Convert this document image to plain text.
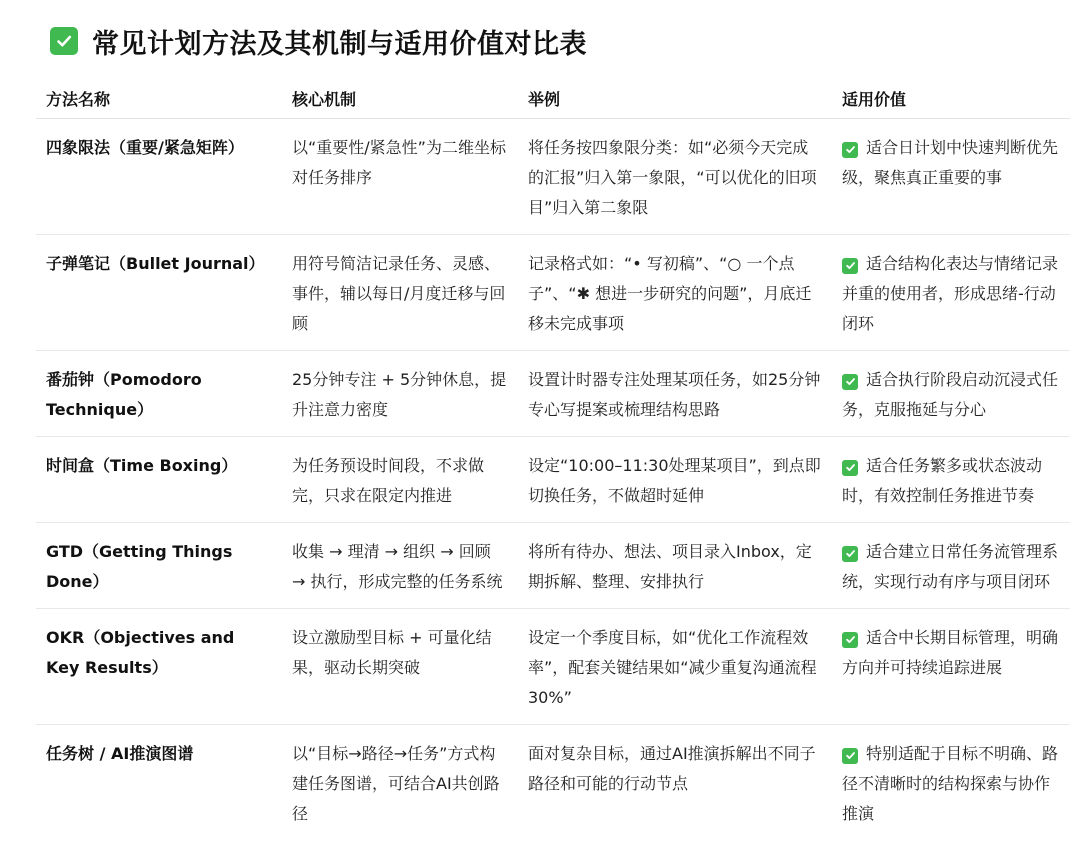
常见计划方法及其机制与适用价值对比表
方法名称	核心机制	举例	适用价值
四象限法（重要/紧急矩阵）	以“重要性/紧急性”为二维坐标对任务排序	将任务按四象限分类：如“必须今天完成的汇报”归入第一象限，“可以优化的旧项目”归入第二象限	适合日计划中快速判断优先级，聚焦真正重要的事
子弹笔记（Bullet Journal）	用符号简洁记录任务、灵感、事件，辅以每日/月度迁移与回顾	记录格式如：“• 写初稿”、“○ 一个点子”、“✱ 想进一步研究的问题”，月底迁移未完成事项	适合结构化表达与情绪记录并重的使用者，形成思绪-行动闭环
番茄钟（Pomodoro Technique）	25分钟专注 + 5分钟休息，提升注意力密度	设置计时器专注处理某项任务，如25分钟专心写提案或梳理结构思路	适合执行阶段启动沉浸式任务，克服拖延与分心
时间盒（Time Boxing）	为任务预设时间段，不求做完，只求在限定内推进	设定“10:00–11:30处理某项目”，到点即切换任务，不做超时延伸	适合任务繁多或状态波动时，有效控制任务推进节奏
GTD（Getting Things Done）	收集 → 理清 → 组织 → 回顾 → 执行，形成完整的任务系统	将所有待办、想法、项目录入Inbox，定期拆解、整理、安排执行	适合建立日常任务流管理系统，实现行动有序与项目闭环
OKR（Objectives and Key Results）	设立激励型目标 + 可量化结果，驱动长期突破	设定一个季度目标，如“优化工作流程效率”，配套关键结果如“减少重复沟通流程30%”	适合中长期目标管理，明确方向并可持续追踪进展
任务树 / AI推演图谱	以“目标→路径→任务”方式构建任务图谱，可结合AI共创路径	面对复杂目标，通过AI推演拆解出不同子路径和可能的行动节点	特别适配于目标不明确、路径不清晰时的结构探索与协作推演
